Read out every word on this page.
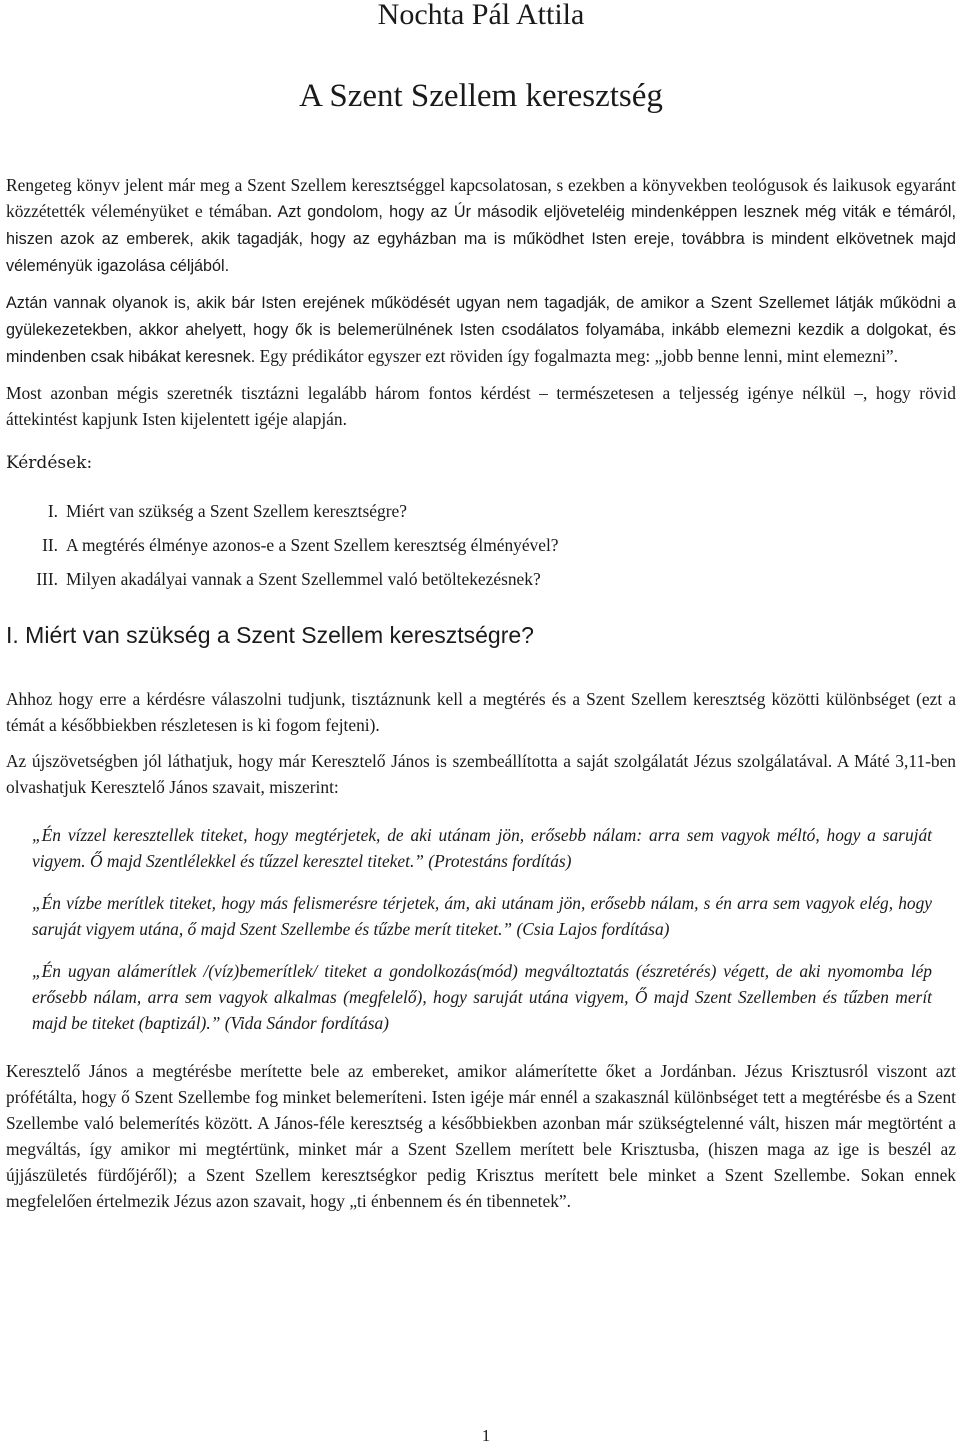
Nochta Pál Attila
A Szent Szellem keresztség

Rengeteg könyv jelent már meg a Szent Szellem keresztséggel kapcsolatosan, s ezekben a könyvekben teológusok és laikusok egyaránt közzétették véleményüket e témában. Azt gondolom, hogy az Úr második eljöveteléig mindenképpen lesznek még viták e témáról, hiszen azok az emberek, akik tagadják, hogy az egyházban ma is működhet Isten ereje, továbbra is mindent elkövetnek majd véleményük igazolása céljából.

Aztán vannak olyanok is, akik bár Isten erejének működését ugyan nem tagadják, de amikor a Szent Szellemet látják működni a gyülekezetekben, akkor ahelyett, hogy ők is belemerülnének Isten csodálatos folyamába, inkább elemezni kezdik a dolgokat, és mindenben csak hibákat keresnek. Egy prédikátor egyszer ezt röviden így fogalmazta meg: „jobb benne lenni, mint elemezni”.

Most azonban mégis szeretnék tisztázni legalább három fontos kérdést – természetesen a teljesség igénye nélkül –, hogy rövid áttekintést kapjunk Isten kijelentett igéje alapján.

Kérdések:
I. Miért van szükség a Szent Szellem keresztségre?
II. A megtérés élménye azonos-e a Szent Szellem keresztség élményével?
III. Milyen akadályai vannak a Szent Szellemmel való betöltekezésnek?
I. Miért van szükség a Szent Szellem keresztségre?

Ahhoz hogy erre a kérdésre válaszolni tudjunk, tisztáznunk kell a megtérés és a Szent Szellem keresztség közötti különbséget (ezt a témát a későbbiekben részletesen is ki fogom fejteni).

Az újszövetségben jól láthatjuk, hogy már Keresztelő János is szembeállította a saját szolgálatát Jézus szolgálatával. A Máté 3,11-ben olvashatjuk Keresztelő János szavait, miszerint:

„Én vízzel keresztellek titeket, hogy megtérjetek, de aki utánam jön, erősebb nálam: arra sem vagyok méltó, hogy a saruját vigyem. Ő majd Szentlélekkel és tűzzel keresztel titeket.” (Protestáns fordítás)

„Én vízbe merítlek titeket, hogy más felismerésre térjetek, ám, aki utánam jön, erősebb nálam, s én arra sem vagyok elég, hogy saruját vigyem utána, ő majd Szent Szellembe és tűzbe merít titeket.” (Csia Lajos fordítása)

„Én ugyan alámerítlek /(víz)bemerítlek/ titeket a gondolkozás(mód) megváltoztatás (észretérés) végett, de aki nyomomba lép erősebb nálam, arra sem vagyok alkalmas (megfelelő), hogy saruját utána vigyem, Ő majd Szent Szellemben és tűzben merít majd be titeket (baptizál).” (Vida Sándor fordítása)

Keresztelő János a megtérésbe merítette bele az embereket, amikor alámerítette őket a Jordánban. Jézus Krisztusról viszont azt prófétálta, hogy ő Szent Szellembe fog minket belemeríteni. Isten igéje már ennél a szakasznál különbséget tett a megtérésbe és a Szent Szellembe való belemerítés között. A János-féle keresztség a későbbiekben azonban már szükségtelenné vált, hiszen már megtörtént a megváltás, így amikor mi megtértünk, minket már a Szent Szellem merített bele Krisztusba, (hiszen maga az ige is beszél az újjászületés fürdőjéről); a Szent Szellem keresztségkor pedig Krisztus merített bele minket a Szent Szellembe. Sokan ennek megfelelően értelmezik Jézus azon szavait, hogy „ti énbennem és én tibennetek”.

1
